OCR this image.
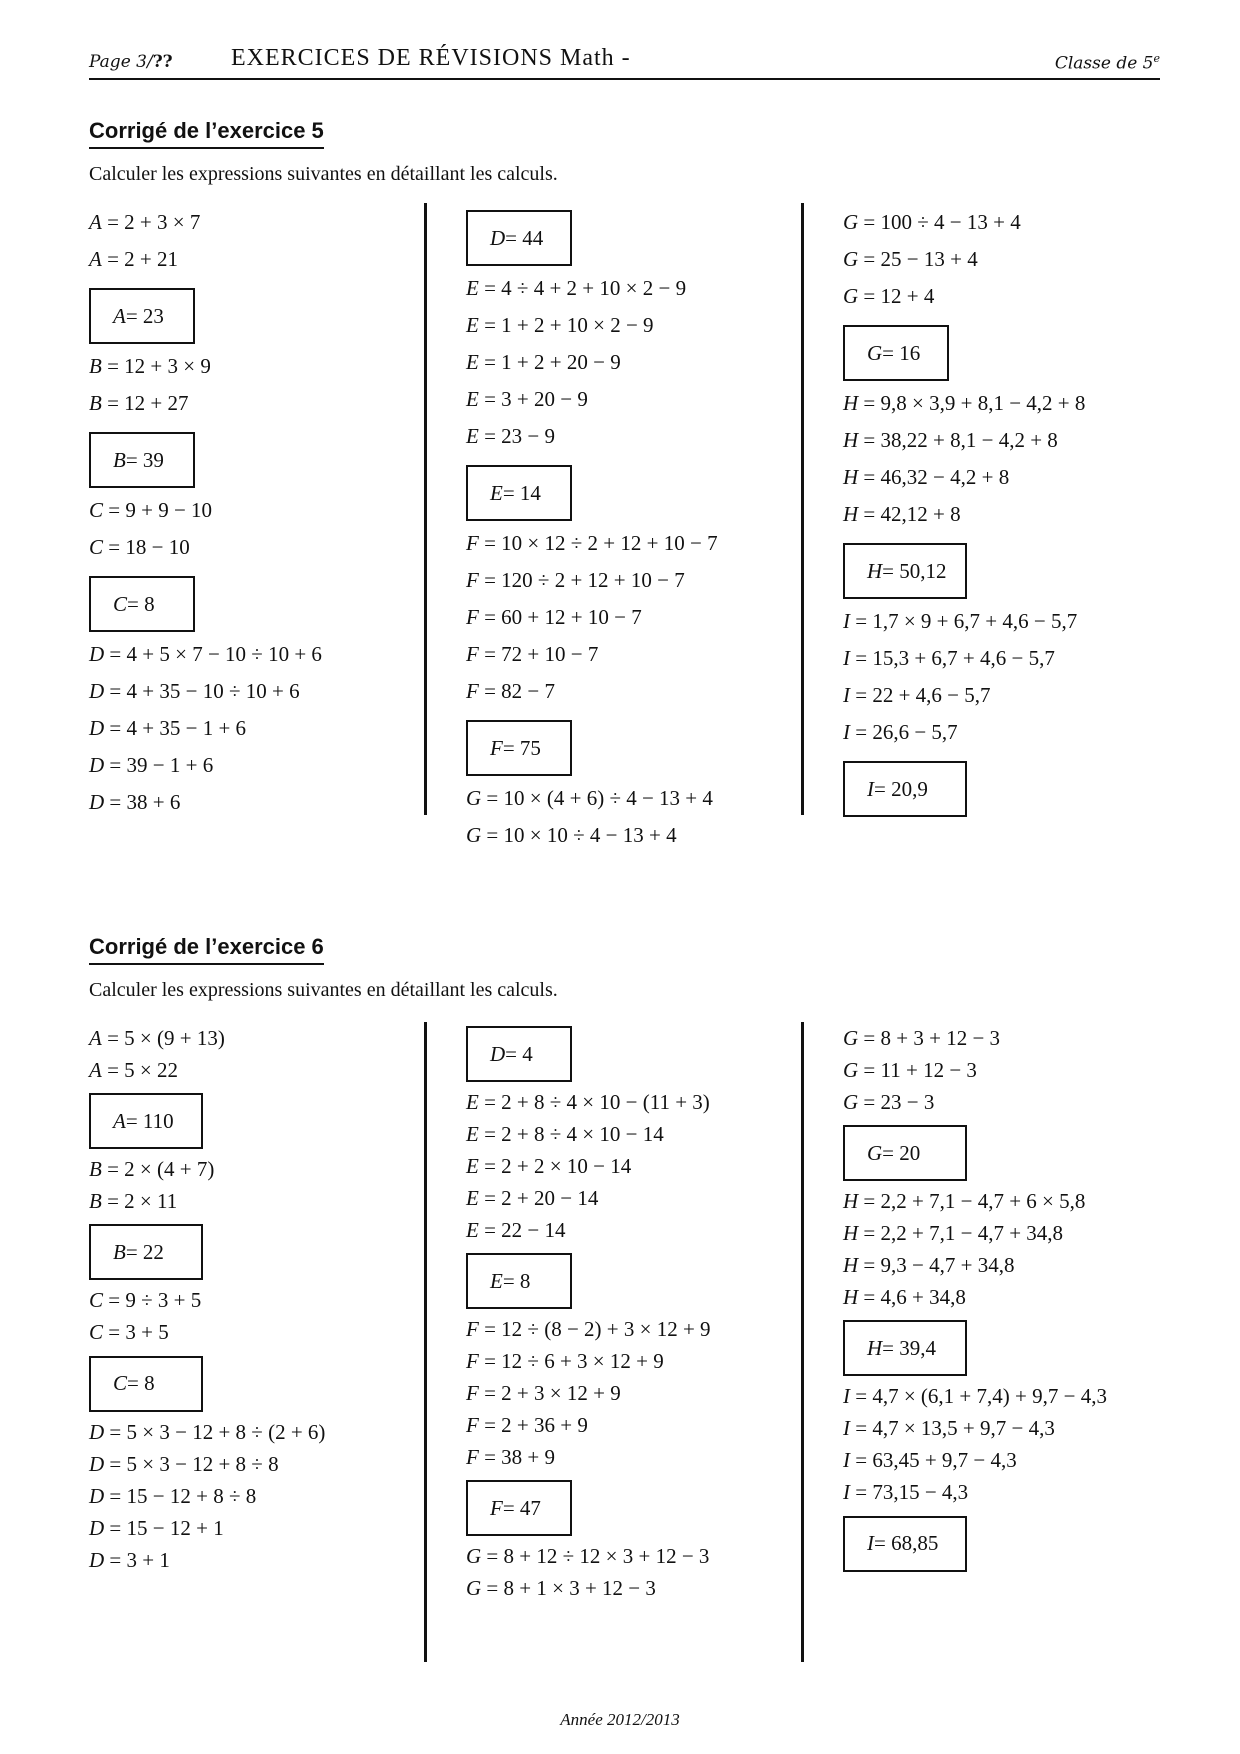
Page 3/?? EXERCICES DE RÉVISIONS Math -	Classe de 5e
Corrigé de l’exercice 5
Calculer les expressions suivantes en détaillant les calculs.
A = 2 + 3 × 7
A = 2 + 21
A = 23
B = 12 + 3 × 9
B = 12 + 27
B = 39
C = 9 + 9 − 10
C = 18 − 10
C = 8
D = 4 + 5 × 7 − 10 ÷ 10 + 6
D = 4 + 35 − 10 ÷ 10 + 6
D = 4 + 35 − 1 + 6
D = 39 − 1 + 6
D = 38 + 6
D = 44
E = 4 ÷ 4 + 2 + 10 × 2 − 9
E = 1 + 2 + 10 × 2 − 9
E = 1 + 2 + 20 − 9
E = 3 + 20 − 9
E = 23 − 9
E = 14
F = 10 × 12 ÷ 2 + 12 + 10 − 7
F = 120 ÷ 2 + 12 + 10 − 7
F = 60 + 12 + 10 − 7
F = 72 + 10 − 7
F = 82 − 7
F = 75
G = 10 × (4 + 6) ÷ 4 − 13 + 4
G = 10 × 10 ÷ 4 − 13 + 4
G = 100 ÷ 4 − 13 + 4
G = 25 − 13 + 4
G = 12 + 4
G = 16
H = 9,8 × 3,9 + 8,1 − 4,2 + 8
H = 38,22 + 8,1 − 4,2 + 8
H = 46,32 − 4,2 + 8
H = 42,12 + 8
H = 50,12
I = 1,7 × 9 + 6,7 + 4,6 − 5,7
I = 15,3 + 6,7 + 4,6 − 5,7
I = 22 + 4,6 − 5,7
I = 26,6 − 5,7
I = 20,9
Corrigé de l’exercice 6
Calculer les expressions suivantes en détaillant les calculs.
A = 5 × (9 + 13)
A = 5 × 22
A = 110
B = 2 × (4 + 7)
B = 2 × 11
B = 22
C = 9 ÷ 3 + 5
C = 3 + 5
C = 8
D = 5 × 3 − 12 + 8 ÷ (2 + 6)
D = 5 × 3 − 12 + 8 ÷ 8
D = 15 − 12 + 8 ÷ 8
D = 15 − 12 + 1
D = 3 + 1
D = 4
E = 2 + 8 ÷ 4 × 10 − (11 + 3)
E = 2 + 8 ÷ 4 × 10 − 14
E = 2 + 2 × 10 − 14
E = 2 + 20 − 14
E = 22 − 14
E = 8
F = 12 ÷ (8 − 2) + 3 × 12 + 9
F = 12 ÷ 6 + 3 × 12 + 9
F = 2 + 3 × 12 + 9
F = 2 + 36 + 9
F = 38 + 9
F = 47
G = 8 + 12 ÷ 12 × 3 + 12 − 3
G = 8 + 1 × 3 + 12 − 3
G = 8 + 3 + 12 − 3
G = 11 + 12 − 3
G = 23 − 3
G = 20
H = 2,2 + 7,1 − 4,7 + 6 × 5,8
H = 2,2 + 7,1 − 4,7 + 34,8
H = 9,3 − 4,7 + 34,8
H = 4,6 + 34,8
H = 39,4
I = 4,7 × (6,1 + 7,4) + 9,7 − 4,3
I = 4,7 × 13,5 + 9,7 − 4,3
I = 63,45 + 9,7 − 4,3
I = 73,15 − 4,3
I = 68,85
Année 2012/2013
